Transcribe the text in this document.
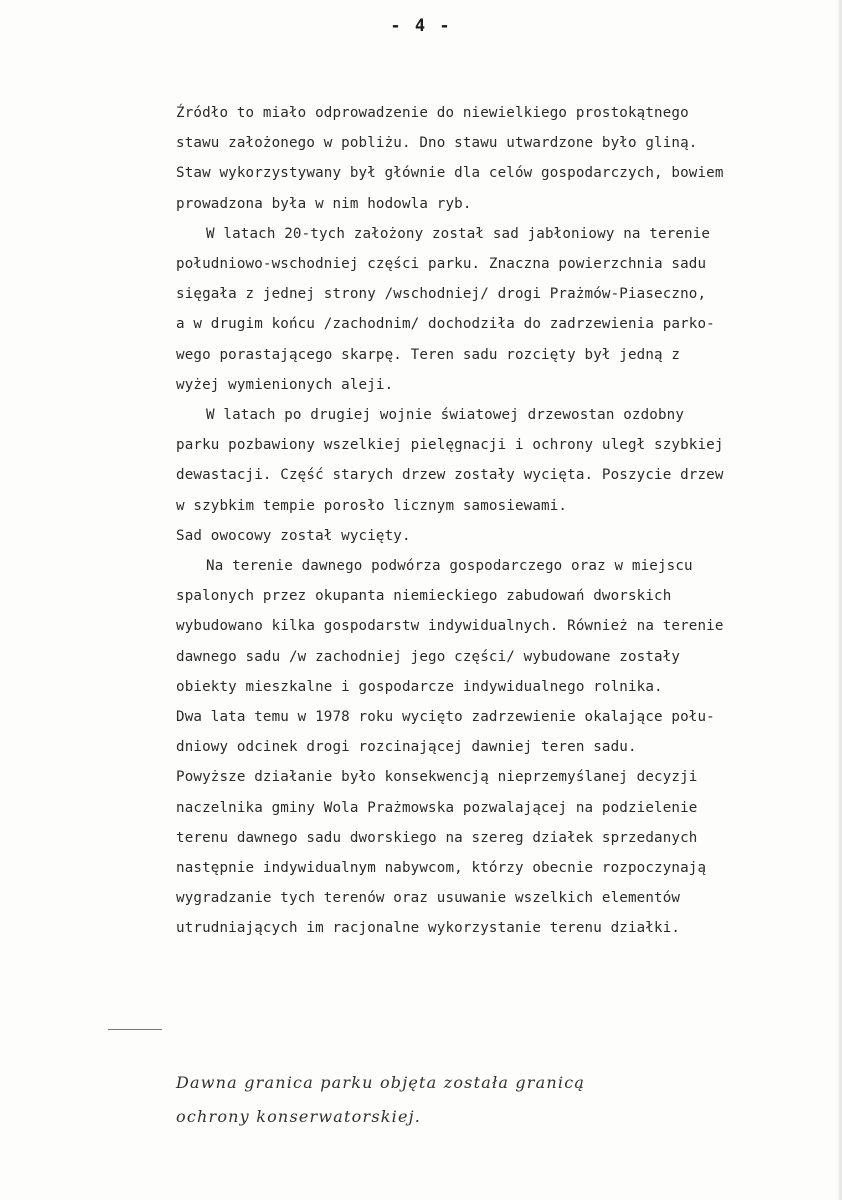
- 4 -
Źródło to miało odprowadzenie do niewielkiego prostokątnego
stawu założonego w pobliżu. Dno stawu utwardzone było gliną.
Staw wykorzystywany był głównie dla celów gospodarczych, bowiem
prowadzona była w nim hodowla ryb.
W latach 20-tych założony został sad jabłoniowy na terenie
południowo-wschodniej części parku. Znaczna powierzchnia sadu
sięgała z jednej strony /wschodniej/ drogi Prażmów-Piaseczno,
a w drugim końcu /zachodnim/ dochodziła do zadrzewienia parko-
wego porastającego skarpę. Teren sadu rozcięty był jedną z
wyżej wymienionych aleji.
W latach po drugiej wojnie światowej drzewostan ozdobny
parku pozbawiony wszelkiej pielęgnacji i ochrony uległ szybkiej
dewastacji. Część starych drzew zostały wycięta. Poszycie drzew
w szybkim tempie porosło licznym samosiewami.
Sad owocowy został wycięty.
Na terenie dawnego podwórza gospodarczego oraz w miejscu
spalonych przez okupanta niemieckiego zabudowań dworskich
wybudowano kilka gospodarstw indywidualnych. Również na terenie
dawnego sadu /w zachodniej jego części/ wybudowane zostały
obiekty mieszkalne i gospodarcze indywidualnego rolnika.
Dwa lata temu w 1978 roku wycięto zadrzewienie okalające połu-
dniowy odcinek drogi rozcinającej dawniej teren sadu.
Powyższe działanie było konsekwencją nieprzemyślanej decyzji
naczelnika gminy Wola Prażmowska pozwalającej na podzielenie
terenu dawnego sadu dworskiego na szereg działek sprzedanych
następnie indywidualnym nabywcom, którzy obecnie rozpoczynają
wygradzanie tych terenów oraz usuwanie wszelkich elementów
utrudniających im racjonalne wykorzystanie terenu działki.
Dawna granica parku objęta została granicą
ochrony konserwatorskiej.
